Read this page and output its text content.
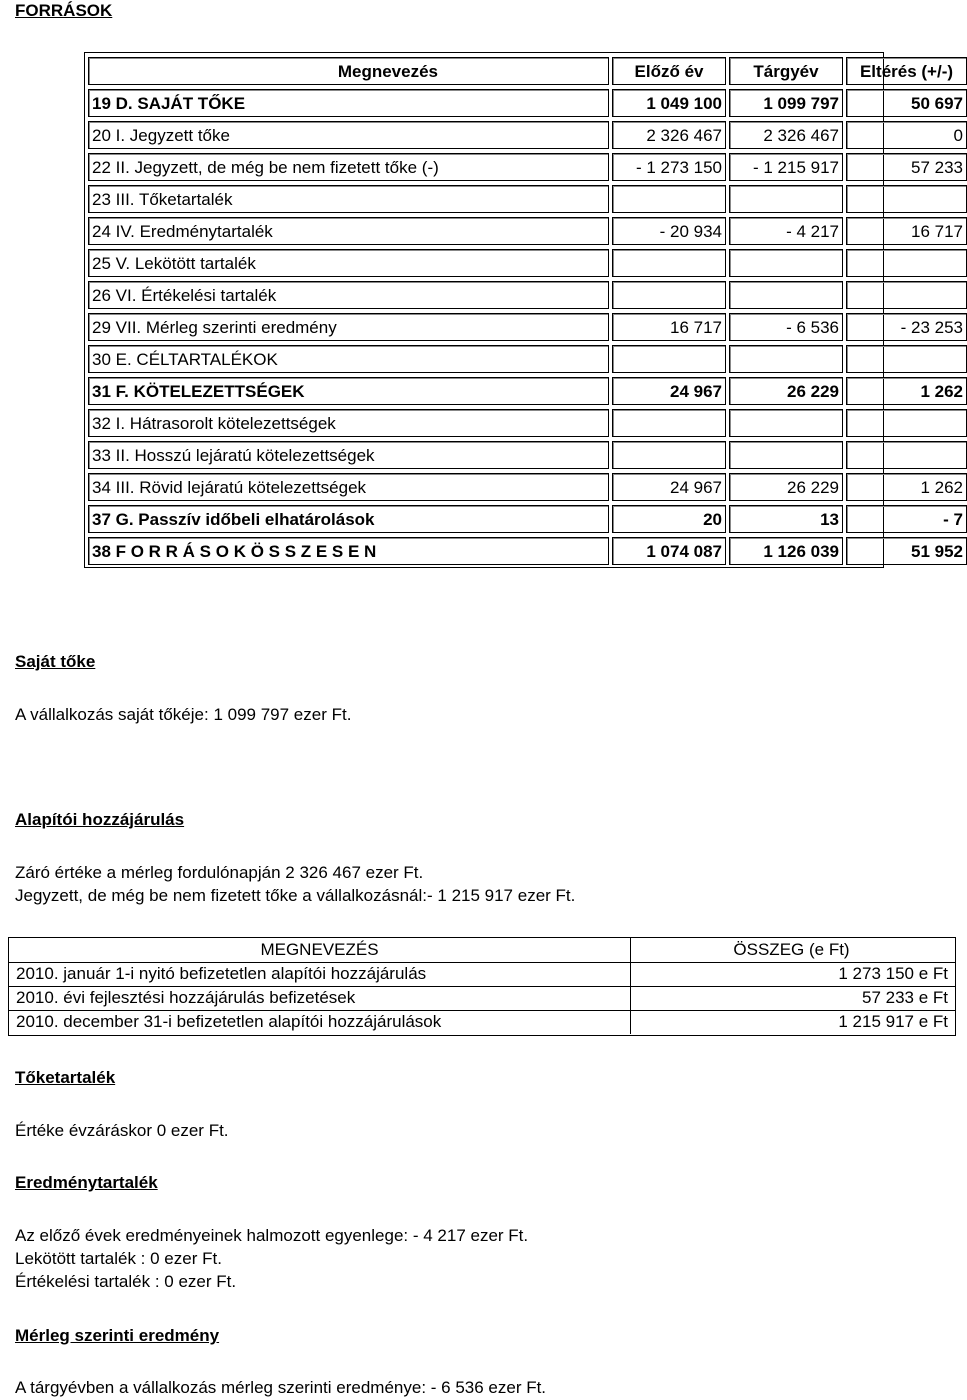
FORRÁSOK
Megnevezés	Előző év	Tárgyév	Eltérés (+/-)
19 D. SAJÁT TŐKE	1 049 100	1 099 797	50 697
20 I. Jegyzett tőke	2 326 467	2 326 467	0
22 II. Jegyzett, de még be nem fizetett tőke (-)	- 1 273 150	- 1 215 917	57 233
23 III. Tőketartalék
24 IV. Eredménytartalék	- 20 934	- 4 217	16 717
25 V. Lekötött tartalék
26 VI. Értékelési tartalék
29 VII. Mérleg szerinti eredmény	16 717	- 6 536	- 23 253
30 E. CÉLTARTALÉKOK
31 F. KÖTELEZETTSÉGEK	24 967	26 229	1 262
32 I. Hátrasorolt kötelezettségek
33 II. Hosszú lejáratú kötelezettségek
34 III. Rövid lejáratú kötelezettségek	24 967	26 229	1 262
37 G. Passzív időbeli elhatárolások	20	13	- 7
38 F O R R Á S O K Ö S S Z E S E N	1 074 087	1 126 039	51 952
Saját tőke
A vállalkozás saját tőkéje: 1 099 797 ezer Ft.
Alapítói hozzájárulás
Záró értéke a mérleg fordulónapján 2 326 467 ezer Ft.
Jegyzett, de még be nem fizetett tőke a vállalkozásnál:- 1 215 917 ezer Ft.
MEGNEVEZÉS	ÖSSZEG (e Ft)
2010. január 1-i nyitó befizetetlen alapítói hozzájárulás	1 273 150 e Ft
2010. évi fejlesztési hozzájárulás befizetések	57 233 e Ft
2010. december 31-i befizetetlen alapítói hozzájárulások	1 215 917 e Ft
Tőketartalék
Értéke évzáráskor 0 ezer Ft.
Eredménytartalék
Az előző évek eredményeinek halmozott egyenlege: - 4 217 ezer Ft.
Lekötött tartalék : 0 ezer Ft.
Értékelési tartalék : 0 ezer Ft.
Mérleg szerinti eredmény
A tárgyévben a vállalkozás mérleg szerinti eredménye: - 6 536 ezer Ft.
